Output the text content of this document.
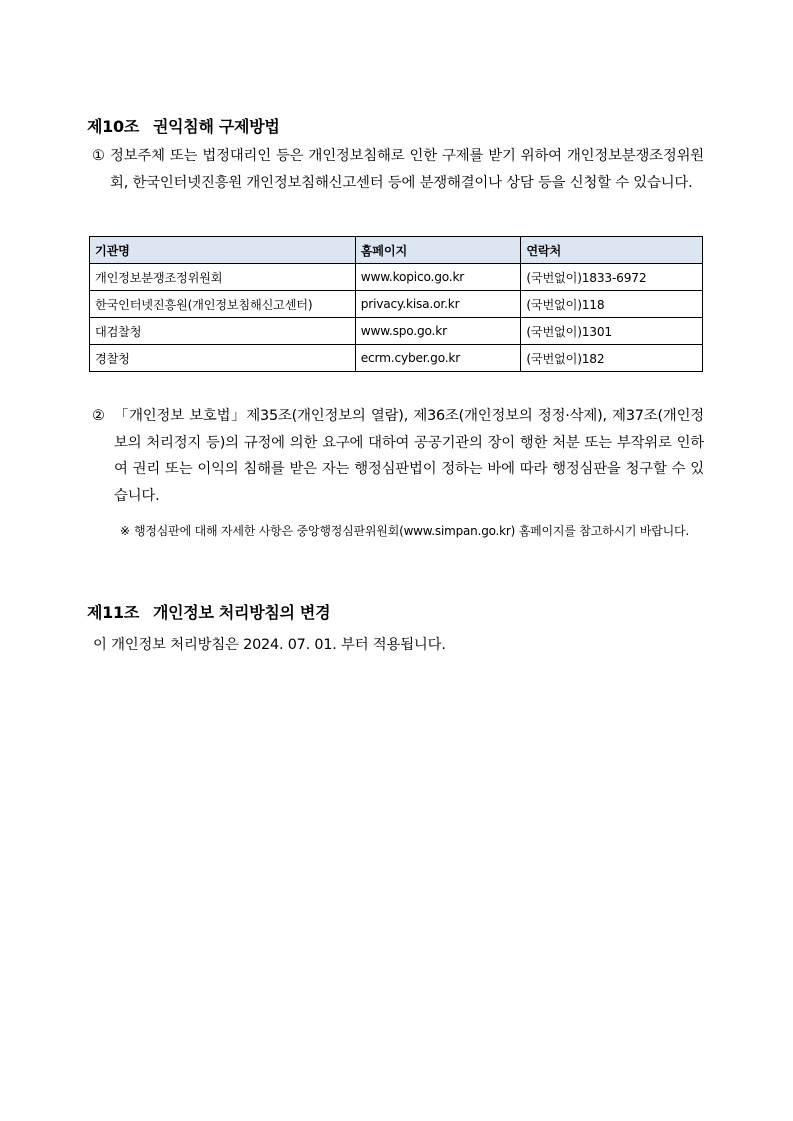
제10조 권익침해 구제방법
① 정보주체 또는 법정대리인 등은 개인정보침해로 인한 구제를 받기 위하여 개인정보분쟁조정위원회, 한국인터넷진흥원 개인정보침해신고센터 등에 분쟁해결이나 상담 등을 신청할 수 있습니다.
기관명	홈페이지	연락처
개인정보분쟁조정위원회	www.kopico.go.kr	(국번없이)1833-6972
한국인터넷진흥원(개인정보침해신고센터)	privacy.kisa.or.kr	(국번없이)118
대검찰청	www.spo.go.kr	(국번없이)1301
경찰청	ecrm.cyber.go.kr	(국번없이)182
② 「개인정보 보호법」제35조(개인정보의 열람), 제36조(개인정보의 정정·삭제), 제37조(개인정보의 처리정지 등)의 규정에 의한 요구에 대하여 공공기관의 장이 행한 처분 또는 부작위로 인하여 권리 또는 이익의 침해를 받은 자는 행정심판법이 정하는 바에 따라 행정심판을 청구할 수 있습니다.
※ 행정심판에 대해 자세한 사항은 중앙행정심판위원회(www.simpan.go.kr) 홈페이지를 참고하시기 바랍니다.
제11조 개인정보 처리방침의 변경
이 개인정보 처리방침은 2024. 07. 01. 부터 적용됩니다.
